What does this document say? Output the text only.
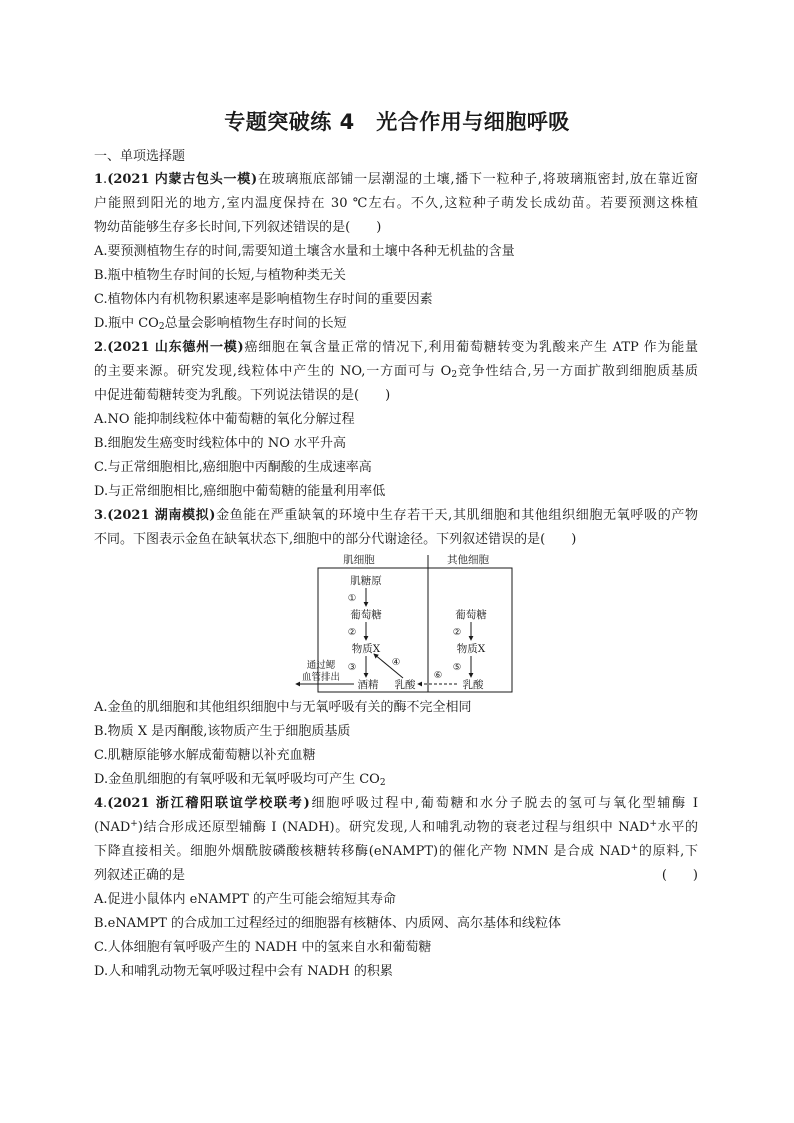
专题突破练 4　光合作用与细胞呼吸
一、单项选择题
1.(2021 内蒙古包头一模)在玻璃瓶底部铺一层潮湿的土壤,播下一粒种子,将玻璃瓶密封,放在靠近窗
户能照到阳光的地方,室内温度保持在 30 ℃左右。不久,这粒种子萌发长成幼苗。若要预测这株植
物幼苗能够生存多长时间,下列叙述错误的是(　　)
A.要预测植物生存的时间,需要知道土壤含水量和土壤中各种无机盐的含量
B.瓶中植物生存时间的长短,与植物种类无关
C.植物体内有机物积累速率是影响植物生存时间的重要因素
D.瓶中 $CO_2$总量会影响植物生存时间的长短
2.(2021 山东德州一模)癌细胞在氧含量正常的情况下,利用葡萄糖转变为乳酸来产生 ATP 作为能量
的主要来源。研究发现,线粒体中产生的 NO,一方面可与 $O_2$竞争性结合,另一方面扩散到细胞质基质
中促进葡萄糖转变为乳酸。下列说法错误的是(　　)
A.NO 能抑制线粒体中葡萄糖的氧化分解过程
B.细胞发生癌变时线粒体中的 NO 水平升高
C.与正常细胞相比,癌细胞中丙酮酸的生成速率高
D.与正常细胞相比,癌细胞中葡萄糖的能量利用率低
3.(2021 湖南模拟)金鱼能在严重缺氧的环境中生存若干天,其肌细胞和其他组织细胞无氧呼吸的产物
不同。下图表示金鱼在缺氧状态下,细胞中的部分代谢途径。下列叙述错误的是(　　)
肌细胞	其他细胞
肌糖原
①
葡萄糖
②
物质X
③	④
酒精 乳酸
通过鳃
血管排出
葡萄糖
②
物质X
⑤
乳酸
⑥
A.金鱼的肌细胞和其他组织细胞中与无氧呼吸有关的酶不完全相同
B.物质 X 是丙酮酸,该物质产生于细胞质基质
C.肌糖原能够水解成葡萄糖以补充血糖
D.金鱼肌细胞的有氧呼吸和无氧呼吸均可产生 $CO_2$
4.(2021 浙江稽阳联谊学校联考)细胞呼吸过程中,葡萄糖和水分子脱去的氢可与氧化型辅酶 Ⅰ
(NAD+)结合形成还原型辅酶 Ⅰ (NADH)。研究发现,人和哺乳动物的衰老过程与组织中 NAD+水平的
下降直接相关。细胞外烟酰胺磷酸核糖转移酶(eNAMPT)的催化产物 NMN 是合成 NAD+的原料,下
列叙述正确的是	(　　)
A.促进小鼠体内 eNAMPT 的产生可能会缩短其寿命
B.eNAMPT 的合成加工过程经过的细胞器有核糖体、内质网、高尔基体和线粒体
C.人体细胞有氧呼吸产生的 NADH 中的氢来自水和葡萄糖
D.人和哺乳动物无氧呼吸过程中会有 NADH 的积累
